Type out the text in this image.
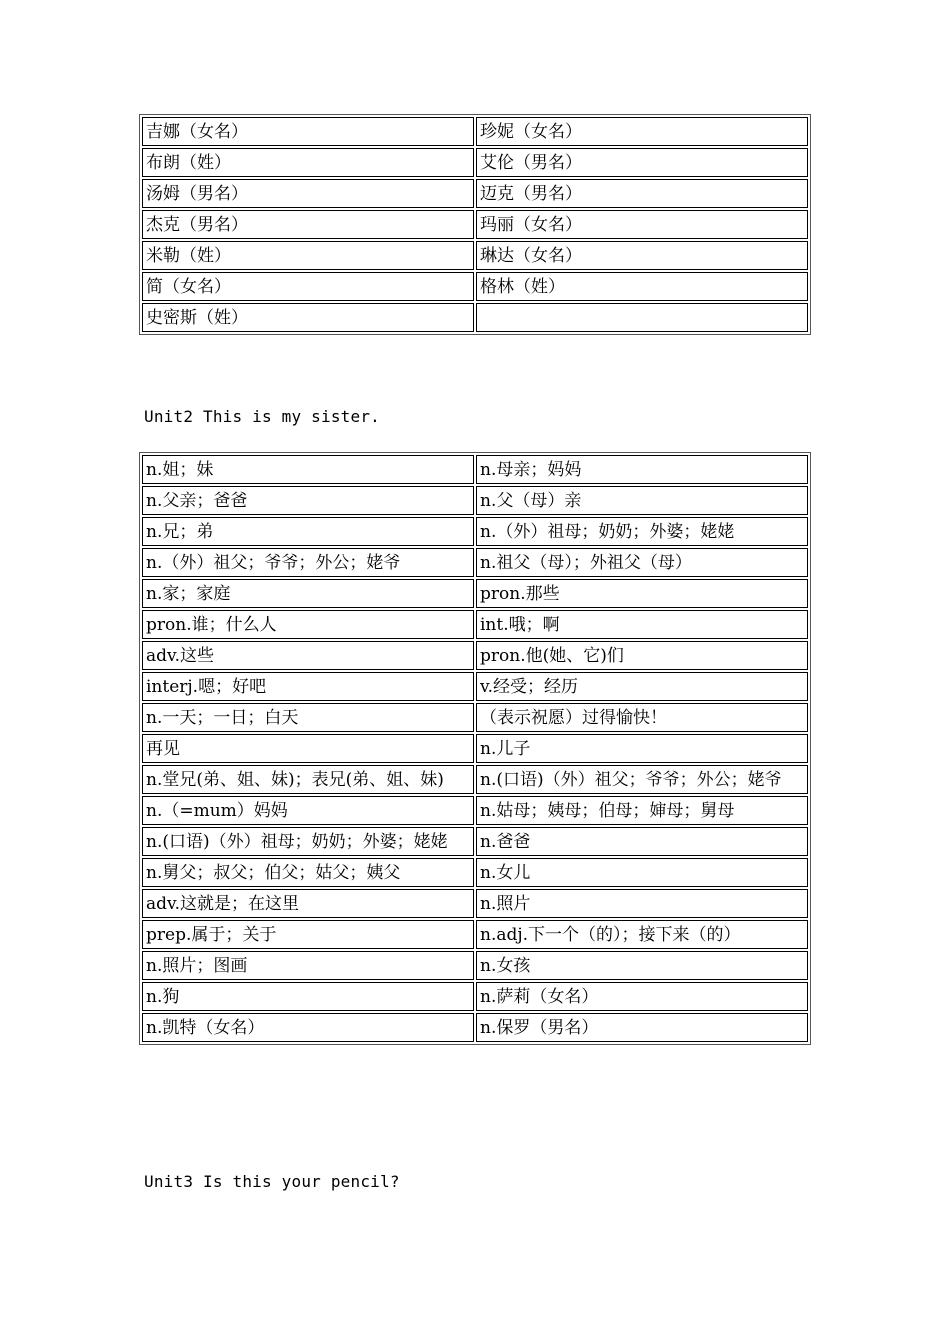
吉娜（女名）	珍妮（女名）
布朗（姓）	艾伦（男名）
汤姆（男名）	迈克（男名）
杰克（男名）	玛丽（女名）
米勒（姓）	琳达（女名）
简（女名）	格林（姓）
史密斯（姓）	
Unit2 This is my sister.
n.姐；妹	n.母亲；妈妈
n.父亲；爸爸	n.父（母）亲
n.兄；弟	n.（外）祖母；奶奶；外婆；姥姥
n.（外）祖父；爷爷；外公；姥爷	n.祖父（母）；外祖父（母）
n.家；家庭	pron.那些
pron.谁；什么人	int.哦；啊
adv.这些	pron.他(她、它)们
interj.嗯；好吧	v.经受；经历
n.一天；一日；白天	（表示祝愿）过得愉快！
再见	n.儿子
n.堂兄(弟、姐、妹)；表兄(弟、姐、妹)	n.(口语)（外）祖父；爷爷；外公；姥爷
n.（=mum）妈妈	n.姑母；姨母；伯母；婶母；舅母
n.(口语)（外）祖母；奶奶；外婆；姥姥	n.爸爸
n.舅父；叔父；伯父；姑父；姨父	n.女儿
adv.这就是；在这里	n.照片
prep.属于；关于	n.adj.下一个（的）；接下来（的）
n.照片；图画	n.女孩
n.狗	n.萨莉（女名）
n.凯特（女名）	n.保罗（男名）
Unit3 Is this your pencil?
